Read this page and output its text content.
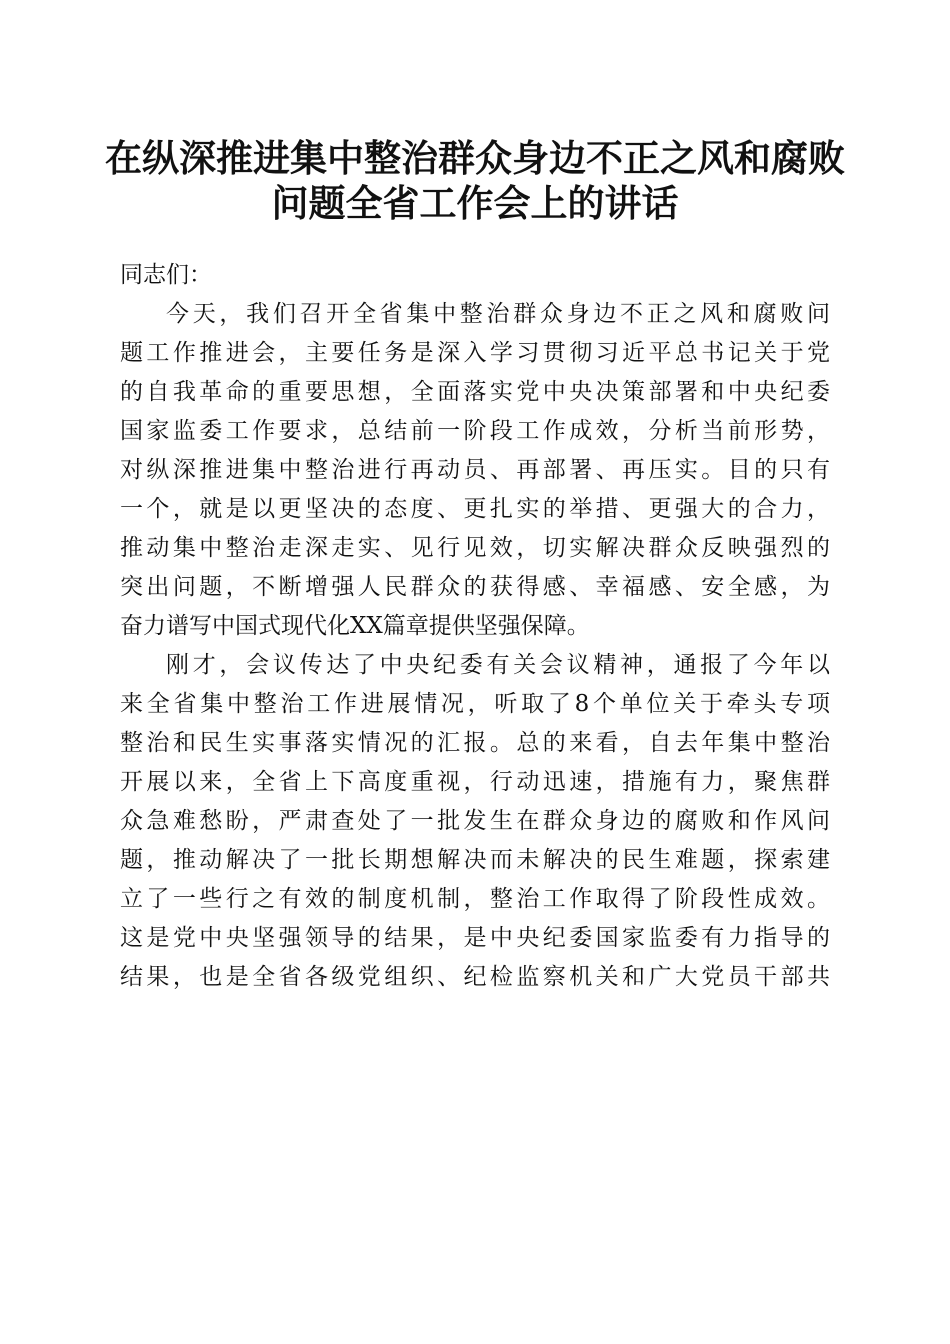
在纵深推进集中整治群众身边不正之风和腐败
问题全省工作会上的讲话
同志们：
今天，我们召开全省集中整治群众身边不正之风和腐败问
题工作推进会，主要任务是深入学习贯彻习近平总书记关于党
的自我革命的重要思想，全面落实党中央决策部署和中央纪委
国家监委工作要求，总结前一阶段工作成效，分析当前形势，
对纵深推进集中整治进行再动员、再部署、再压实。目的只有
一个，就是以更坚决的态度、更扎实的举措、更强大的合力，
推动集中整治走深走实、见行见效，切实解决群众反映强烈的
突出问题，不断增强人民群众的获得感、幸福感、安全感，为
奋力谱写中国式现代化XX篇章提供坚强保障。
刚才，会议传达了中央纪委有关会议精神，通报了今年以
来全省集中整治工作进展情况，听取了8个单位关于牵头专项
整治和民生实事落实情况的汇报。总的来看，自去年集中整治
开展以来，全省上下高度重视，行动迅速，措施有力，聚焦群
众急难愁盼，严肃查处了一批发生在群众身边的腐败和作风问
题，推动解决了一批长期想解决而未解决的民生难题，探索建
立了一些行之有效的制度机制，整治工作取得了阶段性成效。
这是党中央坚强领导的结果，是中央纪委国家监委有力指导的
结果，也是全省各级党组织、纪检监察机关和广大党员干部共
